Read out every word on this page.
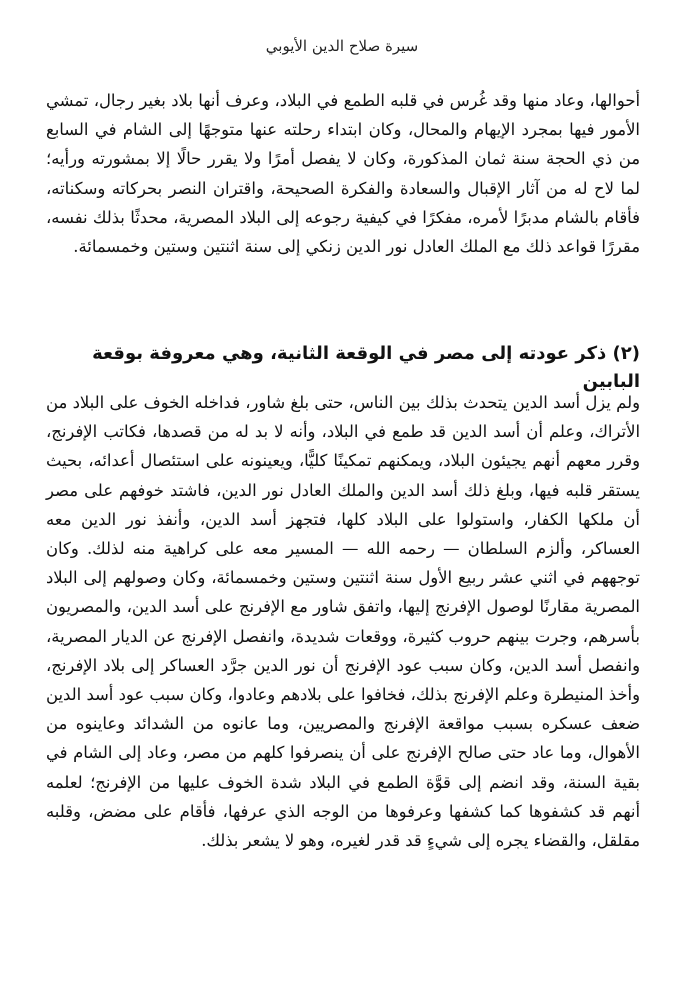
سيرة صلاح الدين الأيوبي

أحوالها، وعاد منها وقد غُرس في قلبه الطمع في البلاد، وعرف أنها بلاد بغير رجال، تمشي الأمور فيها بمجرد الإيهام والمحال، وكان ابتداء رحلته عنها متوجهًا إلى الشام في السابع من ذي الحجة سنة ثمان المذكورة، وكان لا يفصل أمرًا ولا يقرر حالًا إلا بمشورته ورأيه؛ لما لاح له من آثار الإقبال والسعادة والفكرة الصحيحة، واقتران النصر بحركاته وسكناته، فأقام بالشام مدبرًا لأمره، مفكرًا في كيفية رجوعه إلى البلاد المصرية، محدثًا بذلك نفسه، مقررًا قواعد ذلك مع الملك العادل نور الدين زنكي إلى سنة اثنتين وستين وخمسمائة.

(٢) ذكر عودته إلى مصر في الوقعة الثانية، وهي معروفة بوقعة البابين

ولم يزل أسد الدين يتحدث بذلك بين الناس، حتى بلغ شاور، فداخله الخوف على البلاد من الأتراك، وعلم أن أسد الدين قد طمع في البلاد، وأنه لا بد له من قصدها، فكاتب الإفرنج، وقرر معهم أنهم يجيئون البلاد، ويمكنهم تمكينًا كليًّا، ويعينونه على استئصال أعدائه، بحيث يستقر قلبه فيها، وبلغ ذلك أسد الدين والملك العادل نور الدين، فاشتد خوفهم على مصر أن ملكها الكفار، واستولوا على البلاد كلها، فتجهز أسد الدين، وأنفذ نور الدين معه العساكر، وألزم السلطان — رحمه الله — المسير معه على كراهية منه لذلك. وكان توجههم في اثني عشر ربيع الأول سنة اثنتين وستين وخمسمائة، وكان وصولهم إلى البلاد المصرية مقارنًا لوصول الإفرنج إليها، واتفق شاور مع الإفرنج على أسد الدين، والمصريون بأسرهم، وجرت بينهم حروب كثيرة، ووقعات شديدة، وانفصل الإفرنج عن الديار المصرية، وانفصل أسد الدين، وكان سبب عود الإفرنج أن نور الدين جرَّد العساكر إلى بلاد الإفرنج، وأخذ المنيطرة وعلم الإفرنج بذلك، فخافوا على بلادهم وعادوا، وكان سبب عود أسد الدين ضعف عسكره بسبب مواقعة الإفرنج والمصريين، وما عانوه من الشدائد وعاينوه من الأهوال، وما عاد حتى صالح الإفرنج على أن ينصرفوا كلهم من مصر، وعاد إلى الشام في بقية السنة، وقد انضم إلى قوَّة الطمع في البلاد شدة الخوف عليها من الإفرنج؛ لعلمه أنهم قد كشفوها كما كشفها وعرفوها من الوجه الذي عرفها، فأقام على مضض، وقلبه مقلقل، والقضاء يجره إلى شيءٍ قد قدر لغيره، وهو لا يشعر بذلك.
